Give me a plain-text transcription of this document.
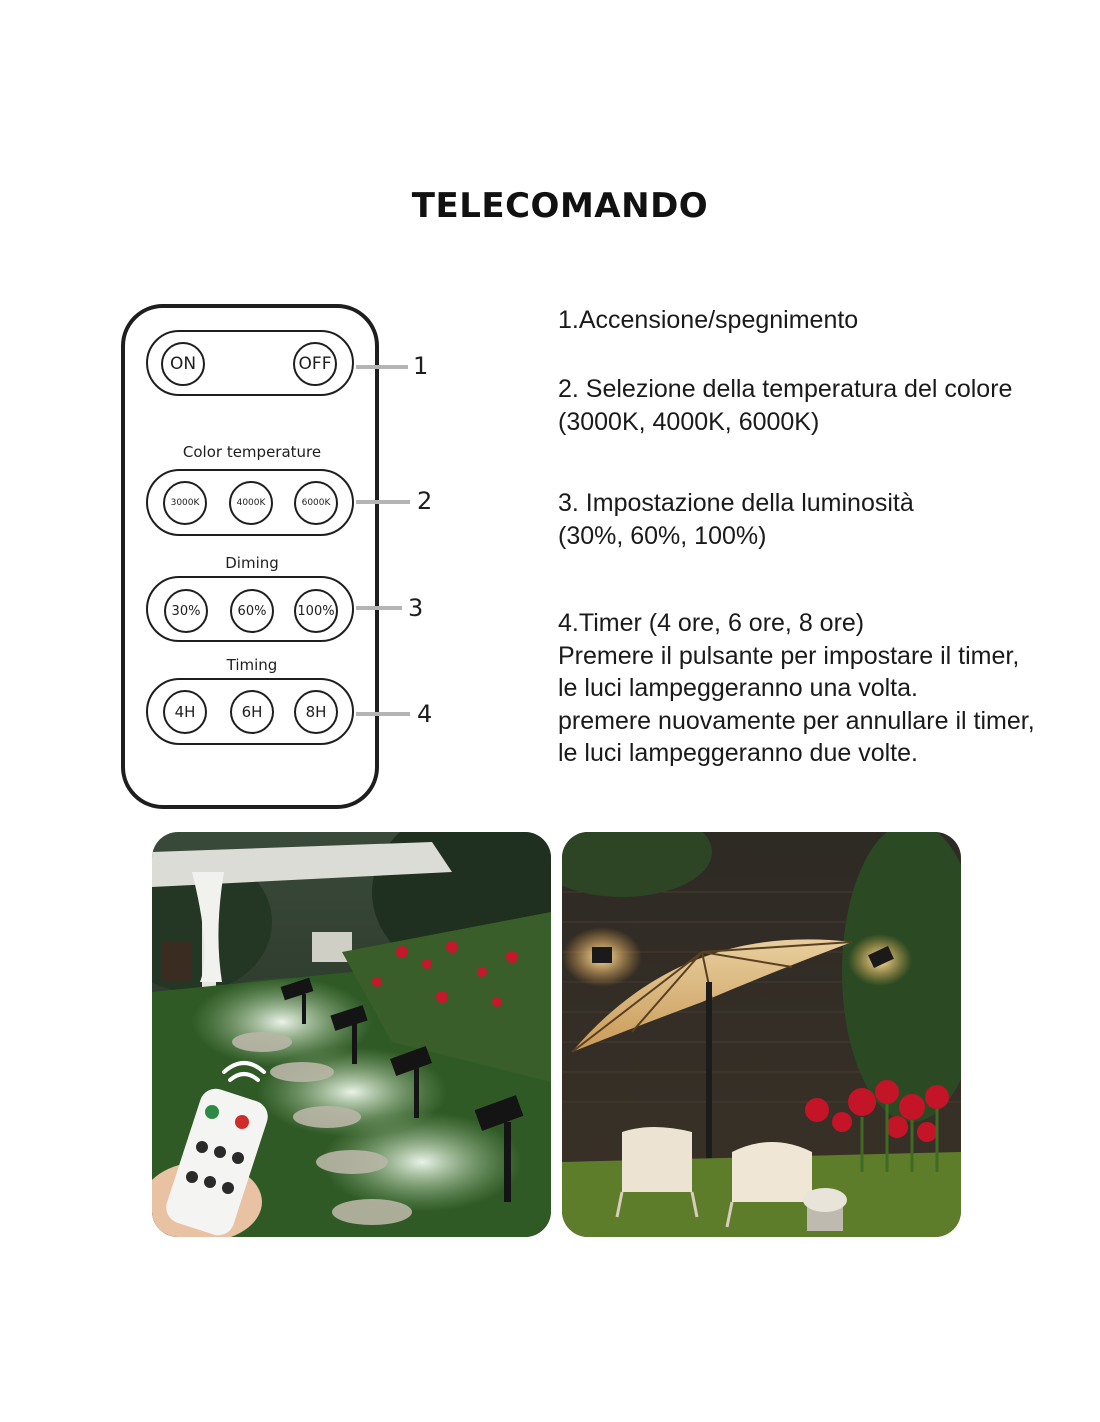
TELECOMANDO
ON	OFF
Color temperature
3000K	4000K	6000K
Diming
30%	60%	100%
Timing
4H	6H	8H
1
2
3
4
1.Accensione/spegnimento
2. Selezione della temperatura del colore
(3000K, 4000K, 6000K)
3. Impostazione della luminosità
(30%, 60%, 100%)
4.Timer (4 ore, 6 ore, 8 ore)
Premere il pulsante per impostare il timer,
le luci lampeggeranno una volta.
premere nuovamente per annullare il timer,
le luci lampeggeranno due volte.
